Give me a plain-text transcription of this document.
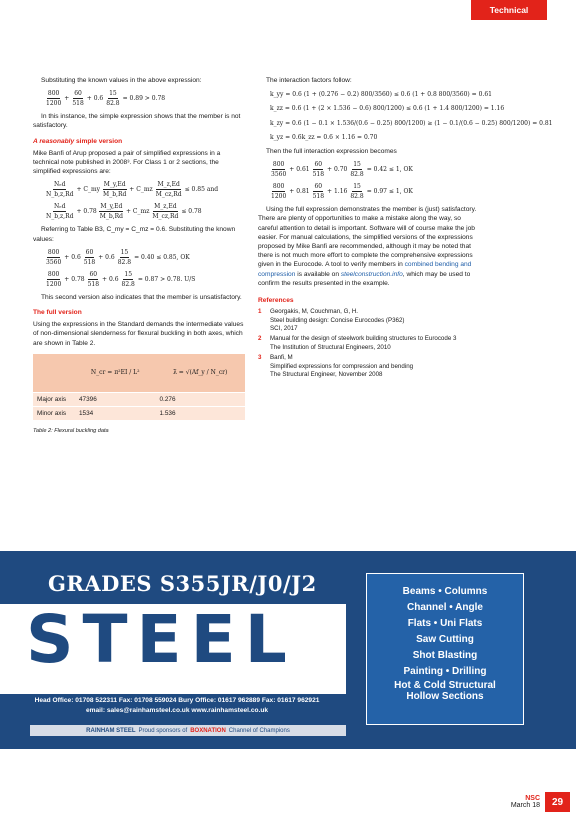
Technical

Substituting the known values in the above expression:

$\frac{800}{1200} + \frac{60}{518} + 0.6 \frac{15}{82.8} = 0.89 > 0.78$

In this instance, the simple expression shows that the member is not satisfactory.

A reasonably simple version

Mike Banfi of Arup proposed a pair of simplified expressions in a technical note published in 2008³. For Class 1 or 2 sections, the simplified expressions are:

$\frac{\text{Nₑd}}{N\_b,z,Rd}$ + C_my $\frac{M\_y,Ed}{M\_b,Rd}$ + C_mz $\frac{M\_z,Ed}{M\_cz,Rd} \le 0.85$ and
$\frac{\text{Nₑd}}{N\_b,z,Rd} + 0.78 \frac{M\_y,Ed}{M\_b,Rd}$ + C_mz $\frac{M\_z,Ed}{M\_cz,Rd} \le 0.78$

Referring to Table B3, C_my = C_mz = 0.6. Substituting the known values:

$\frac{800}{3560} + 0.6 \frac{60}{518} + 0.6 \frac{15}{82.8} = 0.40 \le 0.85$, OK
$\frac{800}{1200} + 0.78 \frac{60}{518} + 0.6 \frac{15}{82.8} = 0.87 > 0.78$. U/S

This second version also indicates that the member is unsatisfactory.

The full version

Using the expressions in the Standard demands the intermediate values of non-dimensional slenderness for flexural buckling in both axes, which are shown in Table 2.

	N_cr = π²EI / L²	λ̄ = √(Af_y / N_cr)
Major axis	47396	0.276
Minor axis	1534	1.536
Table 2: Flexural buckling data

The interaction factors follow:

k_yy = 0.6 (1 + (0.276 − 0.2) 800/3560) ≤ 0.6 (1 + 0.8 800/3560) = 0.61

k_zz = 0.6 (1 + (2 × 1.536 − 0.6) 800/1200) ≤ 0.6 (1 + 1.4 800/1200) = 1.16

k_zy = 0.6 (1 − 0.1 × 1.536/(0.6 − 0.25) 800/1200) ≥ (1 − 0.1/(0.6 − 0.25) 800/1200) = 0.81

k_yz = 0.6k_zz = 0.6 × 1.16 = 0.70

Then the full interaction expression becomes

$\frac{800}{3560} + 0.61 \frac{60}{518} + 0.70 \frac{15}{82.8} = 0.42 \le 1$, OK
$\frac{800}{1200} + 0.81 \frac{60}{518} + 1.16 \frac{15}{82.8} = 0.97 \le 1$, OK

Using the full expression demonstrates the member is (just) satisfactory. There are plenty of opportunities to make a mistake along the way, so careful attention to detail is important. Software will of course make the job easier. For manual calculations, the simplified versions of the expressions proposed by Mike Banfi are recommended, although it may be noted that there is not much more effort to complete the comprehensive expressions given in the Eurocode. A tool to verify members in combined bending and compression is available on steelconstruction.info, which may be used to confirm the results presented in the example.

References

1	Georgakis, M, Couchman, G, H.
Steel building design: Concise Eurocodes (P362)
SCI, 2017
2	Manual for the design of steelwork building structures to Eurocode 3
The Institution of Structural Engineers, 2010
3	Banfi, M
Simplified expressions for compression and bending
The Structural Engineer, November 2008
GRADES S355JR/J0/J2
STEEL
Head Office: 01708 522311 Fax: 01708 559024 Bury Office: 01617 962889 Fax: 01617 962921
email: sales@rainhamsteel.co.uk www.rainhamsteel.co.uk
RAINHAM STEEL Proud sponsors of BOXNATION Channel of Champions
Beams • Columns
Channel • Angle
Flats • Uni Flats
Saw Cutting
Shot Blasting
Painting • Drilling
Hot & Cold Structural Hollow Sections
NSC
March 18	29
